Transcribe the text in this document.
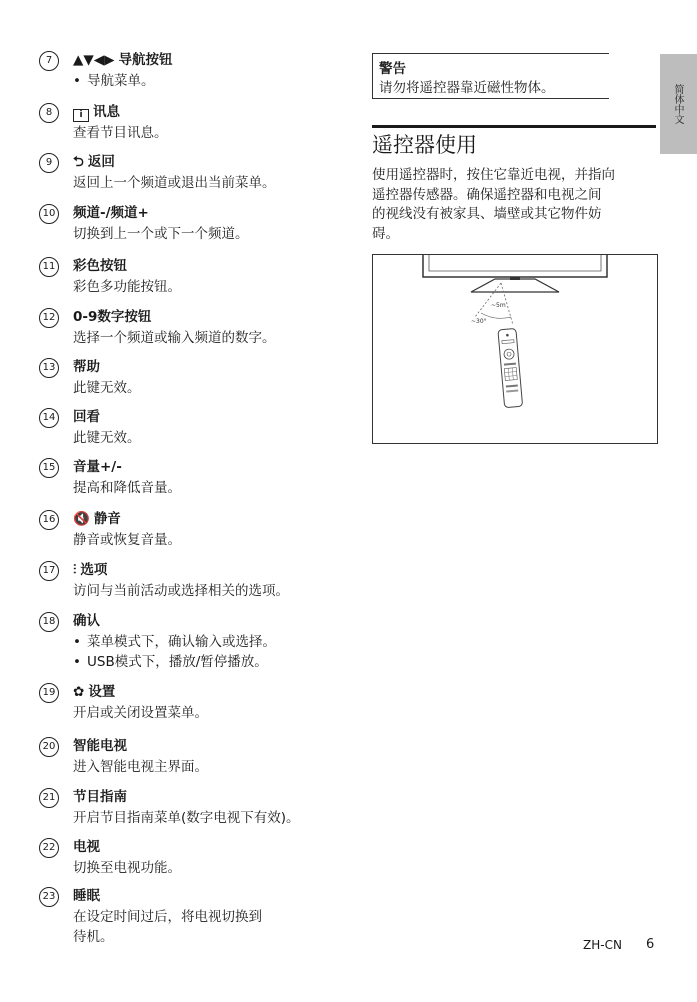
7	▲▼◀▶ 导航按钮
• 导航菜单。
8	i 讯息
查看节目讯息。
9	⮌ 返回
返回上一个频道或退出当前菜单。
10 频道-/频道+
切换到上一个或下一个频道。
11 彩色按钮
彩色多功能按钮。
12 0-9数字按钮
选择一个频道或输入频道的数字。
13 帮助
此键无效。
14 回看
此键无效。
15 音量+/-
提高和降低音量。
16 🔇 静音
静音或恢复音量。
17 ⫶ 选项
访问与当前活动或选择相关的选项。
18 确认
• 菜单模式下，确认输入或选择。
• USB模式下，播放/暂停播放。
19 ✿ 设置
开启或关闭设置菜单。
20 智能电视
进入智能电视主界面。
21 节目指南
开启节目指南菜单(数字电视下有效)。
22 电视
切换至电视功能。
23 睡眠
在设定时间过后，将电视切换到
待机。
警告
请勿将遥控器靠近磁性物体。
遥控器使用
使用遥控器时，按住它靠近电视，并指向
遥控器传感器。确保遥控器和电视之间
的视线没有被家具、墙壁或其它物件妨
碍。
~5m
~30°
简体中文
ZH-CN 6
